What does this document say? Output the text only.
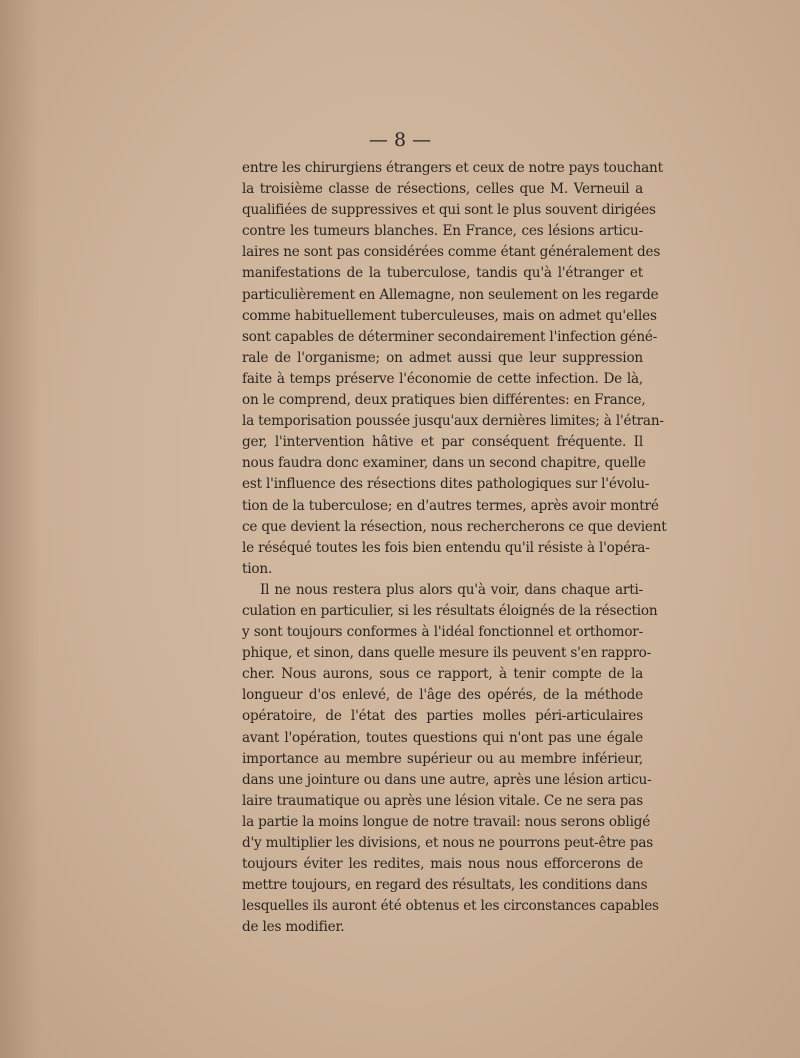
— 8 —
entre les chirurgiens étrangers et ceux de notre pays touchant
la troisième classe de résections, celles que M. Verneuil a
qualifiées de suppressives et qui sont le plus souvent dirigées
contre les tumeurs blanches. En France, ces lésions articu-
laires ne sont pas considérées comme étant généralement des
manifestations de la tuberculose, tandis qu'à l'étranger et
particulièrement en Allemagne, non seulement on les regarde
comme habituellement tuberculeuses, mais on admet qu'elles
sont capables de déterminer secondairement l'infection géné-
rale de l'organisme; on admet aussi que leur suppression
faite à temps préserve l'économie de cette infection. De là,
on le comprend, deux pratiques bien différentes: en France,
la temporisation poussée jusqu'aux dernières limites; à l'étran-
ger, l'intervention hâtive et par conséquent fréquente. Il
nous faudra donc examiner, dans un second chapitre, quelle
est l'influence des résections dites pathologiques sur l'évolu-
tion de la tuberculose; en d'autres termes, après avoir montré
ce que devient la résection, nous rechercherons ce que devient
le réséqué toutes les fois bien entendu qu'il résiste à l'opéra-
tion.
Il ne nous restera plus alors qu'à voir, dans chaque arti-
culation en particulier, si les résultats éloignés de la résection
y sont toujours conformes à l'idéal fonctionnel et orthomor-
phique, et sinon, dans quelle mesure ils peuvent s'en rappro-
cher. Nous aurons, sous ce rapport, à tenir compte de la
longueur d'os enlevé, de l'âge des opérés, de la méthode
opératoire, de l'état des parties molles péri-articulaires
avant l'opération, toutes questions qui n'ont pas une égale
importance au membre supérieur ou au membre inférieur,
dans une jointure ou dans une autre, après une lésion articu-
laire traumatique ou après une lésion vitale. Ce ne sera pas
la partie la moins longue de notre travail: nous serons obligé
d'y multiplier les divisions, et nous ne pourrons peut-être pas
toujours éviter les redites, mais nous nous efforcerons de
mettre toujours, en regard des résultats, les conditions dans
lesquelles ils auront été obtenus et les circonstances capables
de les modifier.
